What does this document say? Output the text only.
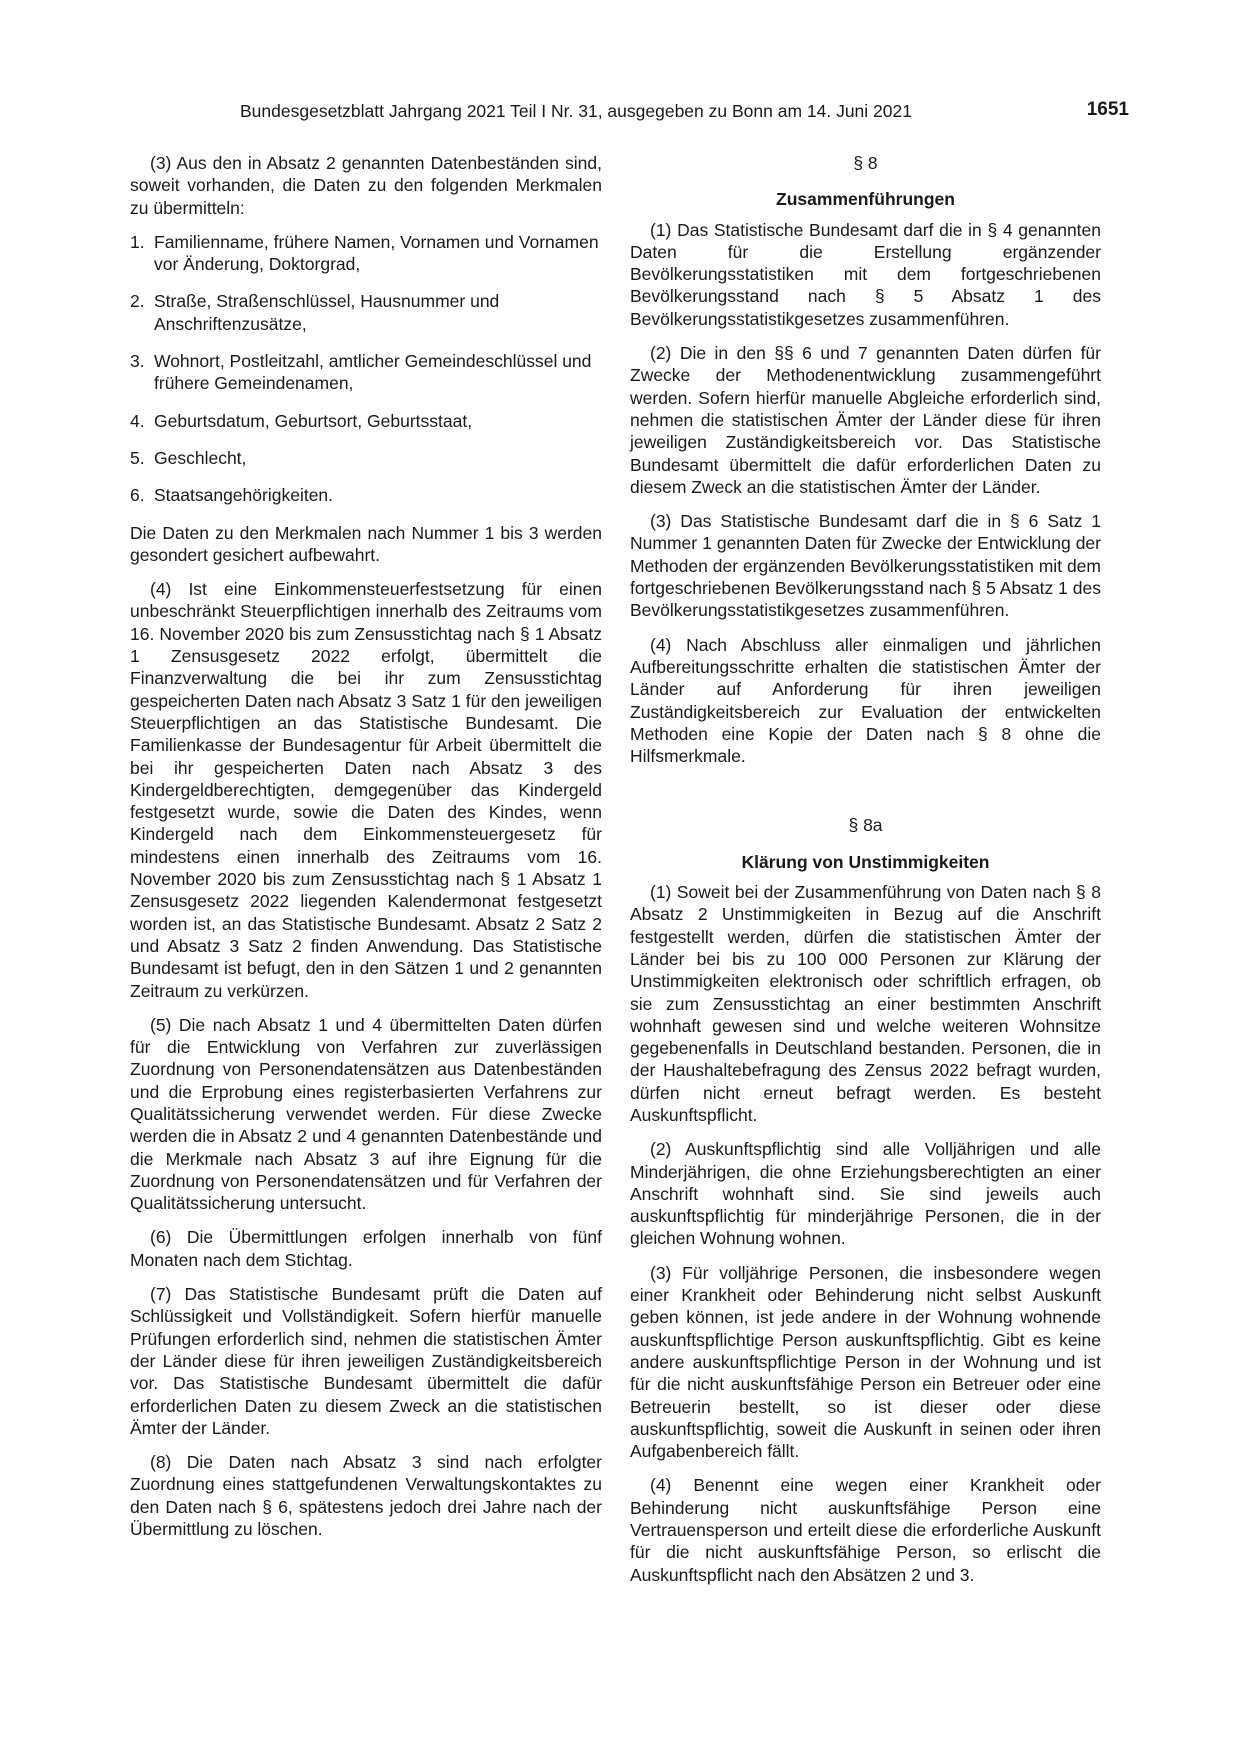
Bundesgesetzblatt Jahrgang 2021 Teil I Nr. 31, ausgegeben zu Bonn am 14. Juni 2021	1651

(3) Aus den in Absatz 2 genannten Datenbeständen sind, soweit vorhanden, die Daten zu den folgenden Merkmalen zu übermitteln:

1. Familienname, frühere Namen, Vornamen und Vornamen vor Änderung, Doktorgrad,
2. Straße, Straßenschlüssel, Hausnummer und Anschriftenzusätze,
3. Wohnort, Postleitzahl, amtlicher Gemeindeschlüssel und frühere Gemeindenamen,
4. Geburtsdatum, Geburtsort, Geburtsstaat,
5. Geschlecht,
6. Staatsangehörigkeiten.

Die Daten zu den Merkmalen nach Nummer 1 bis 3 werden gesondert gesichert aufbewahrt.

(4) Ist eine Einkommensteuerfestsetzung für einen unbeschränkt Steuerpflichtigen innerhalb des Zeitraums vom 16. November 2020 bis zum Zensusstichtag nach § 1 Absatz 1 Zensusgesetz 2022 erfolgt, übermittelt die Finanzverwaltung die bei ihr zum Zensusstichtag gespeicherten Daten nach Absatz 3 Satz 1 für den jeweiligen Steuerpflichtigen an das Statistische Bundesamt. Die Familienkasse der Bundesagentur für Arbeit übermittelt die bei ihr gespeicherten Daten nach Absatz 3 des Kindergeldberechtigten, demgegenüber das Kindergeld festgesetzt wurde, sowie die Daten des Kindes, wenn Kindergeld nach dem Einkommensteuergesetz für mindestens einen innerhalb des Zeitraums vom 16. November 2020 bis zum Zensusstichtag nach § 1 Absatz 1 Zensusgesetz 2022 liegenden Kalendermonat festgesetzt worden ist, an das Statistische Bundesamt. Absatz 2 Satz 2 und Absatz 3 Satz 2 finden Anwendung. Das Statistische Bundesamt ist befugt, den in den Sätzen 1 und 2 genannten Zeitraum zu verkürzen.

(5) Die nach Absatz 1 und 4 übermittelten Daten dürfen für die Entwicklung von Verfahren zur zuverlässigen Zuordnung von Personendatensätzen aus Datenbeständen und die Erprobung eines registerbasierten Verfahrens zur Qualitätssicherung verwendet werden. Für diese Zwecke werden die in Absatz 2 und 4 genannten Datenbestände und die Merkmale nach Absatz 3 auf ihre Eignung für die Zuordnung von Personendatensätzen und für Verfahren der Qualitätssicherung untersucht.

(6) Die Übermittlungen erfolgen innerhalb von fünf Monaten nach dem Stichtag.

(7) Das Statistische Bundesamt prüft die Daten auf Schlüssigkeit und Vollständigkeit. Sofern hierfür manuelle Prüfungen erforderlich sind, nehmen die statistischen Ämter der Länder diese für ihren jeweiligen Zuständigkeitsbereich vor. Das Statistische Bundesamt übermittelt die dafür erforderlichen Daten zu diesem Zweck an die statistischen Ämter der Länder.

(8) Die Daten nach Absatz 3 sind nach erfolgter Zuordnung eines stattgefundenen Verwaltungskontaktes zu den Daten nach § 6, spätestens jedoch drei Jahre nach der Übermittlung zu löschen.

§ 8
Zusammenführungen

(1) Das Statistische Bundesamt darf die in § 4 genannten Daten für die Erstellung ergänzender Bevölkerungsstatistiken mit dem fortgeschriebenen Bevölkerungsstand nach § 5 Absatz 1 des Bevölkerungsstatistikgesetzes zusammenführen.

(2) Die in den §§ 6 und 7 genannten Daten dürfen für Zwecke der Methodenentwicklung zusammengeführt werden. Sofern hierfür manuelle Abgleiche erforderlich sind, nehmen die statistischen Ämter der Länder diese für ihren jeweiligen Zuständigkeitsbereich vor. Das Statistische Bundesamt übermittelt die dafür erforderlichen Daten zu diesem Zweck an die statistischen Ämter der Länder.

(3) Das Statistische Bundesamt darf die in § 6 Satz 1 Nummer 1 genannten Daten für Zwecke der Entwicklung der Methoden der ergänzenden Bevölkerungsstatistiken mit dem fortgeschriebenen Bevölkerungsstand nach § 5 Absatz 1 des Bevölkerungsstatistikgesetzes zusammenführen.

(4) Nach Abschluss aller einmaligen und jährlichen Aufbereitungsschritte erhalten die statistischen Ämter der Länder auf Anforderung für ihren jeweiligen Zuständigkeitsbereich zur Evaluation der entwickelten Methoden eine Kopie der Daten nach § 8 ohne die Hilfsmerkmale.

§ 8a
Klärung von Unstimmigkeiten

(1) Soweit bei der Zusammenführung von Daten nach § 8 Absatz 2 Unstimmigkeiten in Bezug auf die Anschrift festgestellt werden, dürfen die statistischen Ämter der Länder bei bis zu 100 000 Personen zur Klärung der Unstimmigkeiten elektronisch oder schriftlich erfragen, ob sie zum Zensusstichtag an einer bestimmten Anschrift wohnhaft gewesen sind und welche weiteren Wohnsitze gegebenenfalls in Deutschland bestanden. Personen, die in der Haushaltebefragung des Zensus 2022 befragt wurden, dürfen nicht erneut befragt werden. Es besteht Auskunftspflicht.

(2) Auskunftspflichtig sind alle Volljährigen und alle Minderjährigen, die ohne Erziehungsberechtigten an einer Anschrift wohnhaft sind. Sie sind jeweils auch auskunftspflichtig für minderjährige Personen, die in der gleichen Wohnung wohnen.

(3) Für volljährige Personen, die insbesondere wegen einer Krankheit oder Behinderung nicht selbst Auskunft geben können, ist jede andere in der Wohnung wohnende auskunftspflichtige Person auskunftspflichtig. Gibt es keine andere auskunftspflichtige Person in der Wohnung und ist für die nicht auskunftsfähige Person ein Betreuer oder eine Betreuerin bestellt, so ist dieser oder diese auskunftspflichtig, soweit die Auskunft in seinen oder ihren Aufgabenbereich fällt.

(4) Benennt eine wegen einer Krankheit oder Behinderung nicht auskunftsfähige Person eine Vertrauensperson und erteilt diese die erforderliche Auskunft für die nicht auskunftsfähige Person, so erlischt die Auskunftspflicht nach den Absätzen 2 und 3.
